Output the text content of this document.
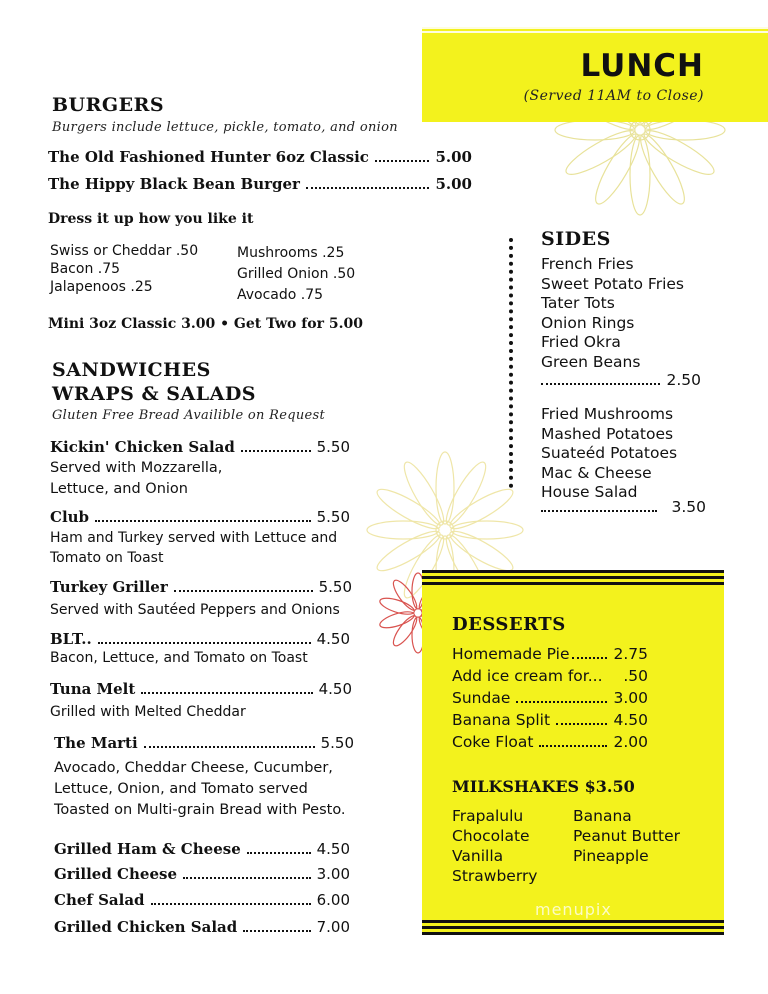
LUNCH
(Served 11AM to Close)
BURGERS
Burgers include lettuce, pickle, tomato, and onion
The Old Fashioned Hunter 6oz Classic	5.00
The Hippy Black Bean Burger	5.00
Dress it up how you like it
Swiss or Cheddar .50
Bacon .75
Jalapenoos .25
Mushrooms .25
Grilled Onion .50
Avocado .75
Mini 3oz Classic 3.00 • Get Two for 5.00
SANDWICHES
WRAPS & SALADS
Gluten Free Bread Availible on Request
Kickin' Chicken Salad	5.50
Served with Mozzarella, Lettuce, and Onion
Club	5.50
Ham and Turkey served with Lettuce and Tomato on Toast
Turkey Griller	5.50
Served with Sautéed Peppers and Onions
BLT..	4.50
Bacon, Lettuce, and Tomato on Toast
Tuna Melt	4.50
Grilled with Melted Cheddar
The Marti	5.50
Avocado, Cheddar Cheese, Cucumber, Lettuce, Onion, and Tomato served Toasted on Multi-grain Bread with Pesto.
Grilled Ham & Cheese	4.50
Grilled Cheese	3.00
Chef Salad	6.00
Grilled Chicken Salad	7.00
SIDES
French Fries
Sweet Potato Fries
Tater Tots
Onion Rings
Fried Okra
Green Beans
2.50
Fried Mushrooms
Mashed Potatoes
Suateéd Potatoes
Mac & Cheese
House Salad
3.50
DESSERTS
Homemade Pie	2.75
Add ice cream for... .50
Sundae	3.00
Banana Split	4.50
Coke Float	2.00
MILKSHAKES $3.50
Frapalulu
Chocolate
Vanilla
Strawberry
Banana
Peanut Butter
Pineapple
menupix
